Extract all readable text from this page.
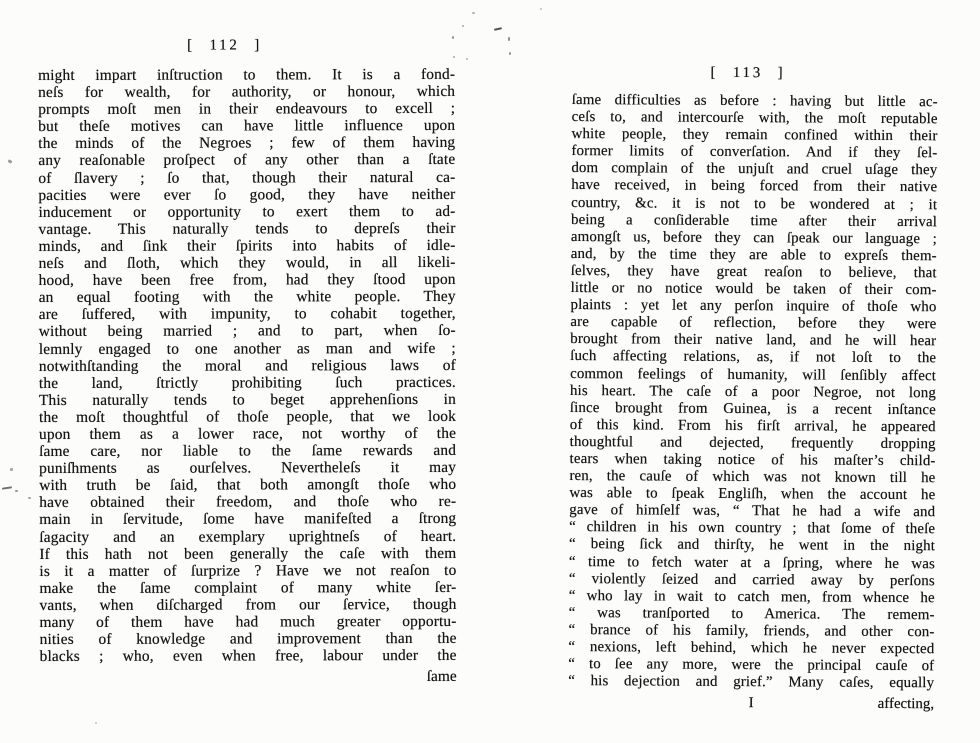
[ 112 ]
might impart inſtruction to them. It is a fond-
neſs for wealth, for authority, or honour, which
prompts moſt men in their endeavours to excell ;
but theſe motives can have little influence upon
the minds of the Negroes ; few of them having
any reaſonable proſpect of any other than a ſtate
of ſlavery ; ſo that, though their natural ca-
pacities were ever ſo good, they have neither
inducement or opportunity to exert them to ad-
vantage. This naturally tends to depreſs their
minds, and ſink their ſpirits into habits of idle-
neſs and ſloth, which they would, in all likeli-
hood, have been free from, had they ſtood upon
an equal footing with the white people. They
are ſuffered, with impunity, to cohabit together,
without being married ; and to part, when ſo-
lemnly engaged to one another as man and wife ;
notwithſtanding the moral and religious laws of
the land, ſtrictly prohibiting ſuch practices.
This naturally tends to beget apprehenſions in
the moſt thoughtful of thoſe people, that we look
upon them as a lower race, not worthy of the
ſame care, nor liable to the ſame rewards and
puniſhments as ourſelves. Nevertheleſs it may
with truth be ſaid, that both amongſt thoſe who
have obtained their freedom, and thoſe who re-
main in ſervitude, ſome have manifeſted a ſtrong
ſagacity and an exemplary uprightneſs of heart.
If this hath not been generally the caſe with them
is it a matter of ſurprize ? Have we not reaſon to
make the ſame complaint of many white ſer-
vants, when diſcharged from our ſervice, though
many of them have had much greater opportu-
nities of knowledge and improvement than the
blacks ; who, even when free, labour under the
ſame
[ 113 ]
ſame difficulties as before : having but little ac-
ceſs to, and intercourſe with, the moſt reputable
white people, they remain confined within their
former limits of converſation. And if they ſel-
dom complain of the unjuſt and cruel uſage they
have received, in being forced from their native
country, &c. it is not to be wondered at ; it
being a conſiderable time after their arrival
amongſt us, before they can ſpeak our language ;
and, by the time they are able to expreſs them-
ſelves, they have great reaſon to believe, that
little or no notice would be taken of their com-
plaints : yet let any perſon inquire of thoſe who
are capable of reflection, before they were
brought from their native land, and he will hear
ſuch affecting relations, as, if not loſt to the
common feelings of humanity, will ſenſibly affect
his heart. The caſe of a poor Negroe, not long
ſince brought from Guinea, is a recent inſtance
of this kind. From his firſt arrival, he appeared
thoughtful and dejected, frequently dropping
tears when taking notice of his maſter’s child-
ren, the cauſe of which was not known till he
was able to ſpeak Engliſh, when the account he
gave of himſelf was, “ That he had a wife and
“ children in his own country ; that ſome of theſe
“ being ſick and thirſty, he went in the night
“ time to fetch water at a ſpring, where he was
“ violently ſeized and carried away by perſons
“ who lay in wait to catch men, from whence he
“ was tranſported to America. The remem-
“ brance of his family, friends, and other con-
“ nexions, left behind, which he never expected
“ to ſee any more, were the principal cauſe of
“ his dejection and grief.” Many caſes, equally
I	affecting,
